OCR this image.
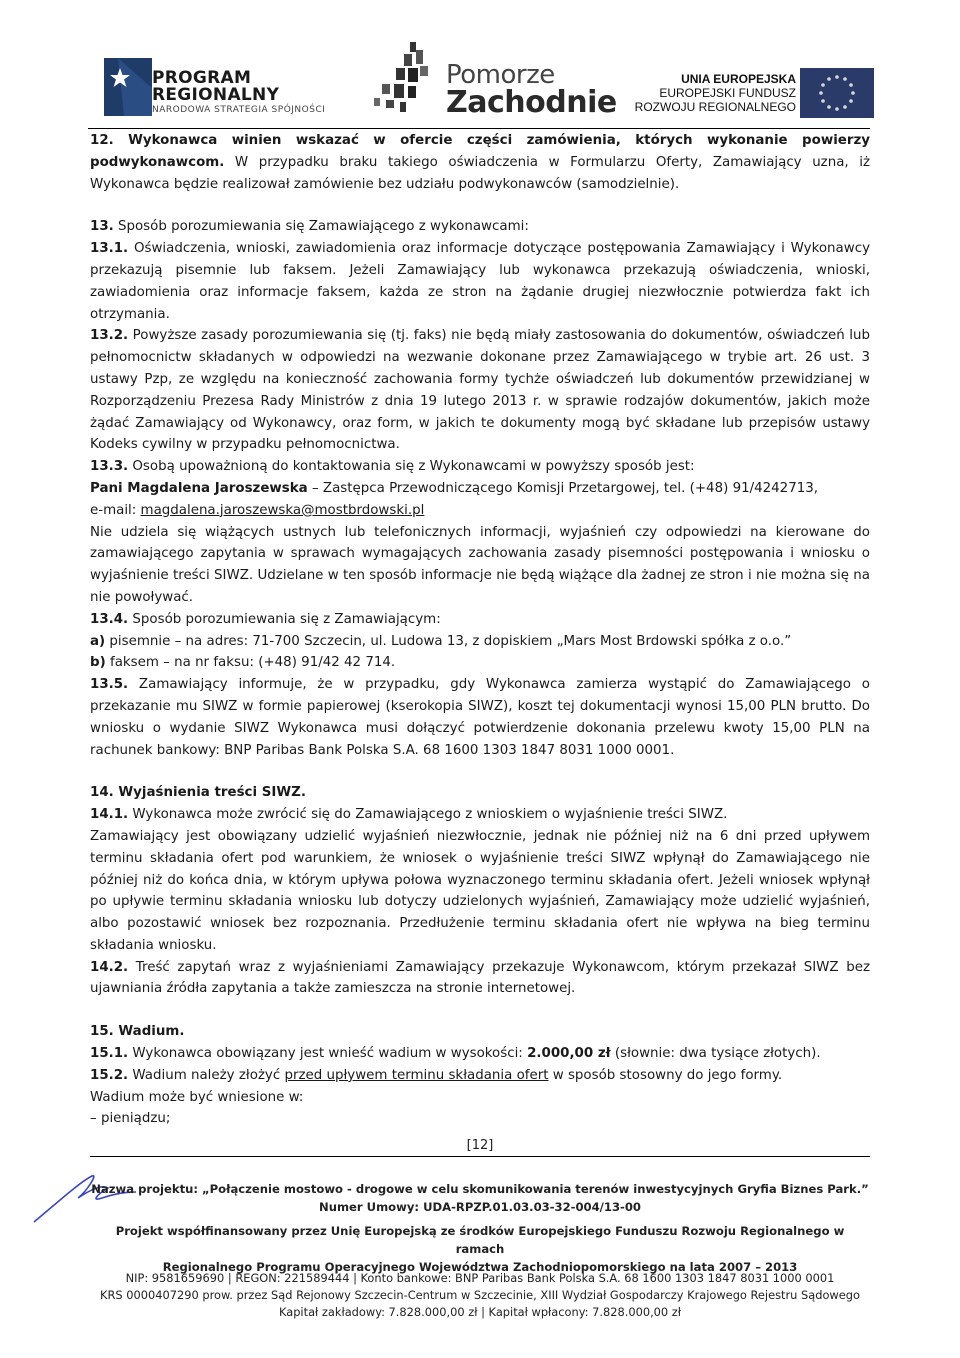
PROGRAM
REGIONALNY
NARODOWA STRATEGIA SPÓJNOŚCI
Pomorze
Zachodnie
UNIA EUROPEJSKA
EUROPEJSKI FUNDUSZ
ROZWOJU REGIONALNEGO

12. Wykonawca winien wskazać w ofercie części zamówienia, których wykonanie powierzy podwykonawcom. W przypadku braku takiego oświadczenia w Formularzu Oferty, Zamawiający uzna, iż Wykonawca będzie realizował zamówienie bez udziału podwykonawców (samodzielnie).

13. Sposób porozumiewania się Zamawiającego z wykonawcami:

13.1. Oświadczenia, wnioski, zawiadomienia oraz informacje dotyczące postępowania Zamawiający i Wykonawcy przekazują pisemnie lub faksem. Jeżeli Zamawiający lub wykonawca przekazują oświadczenia, wnioski, zawiadomienia oraz informacje faksem, każda ze stron na żądanie drugiej niezwłocznie potwierdza fakt ich otrzymania.

13.2. Powyższe zasady porozumiewania się (tj. faks) nie będą miały zastosowania do dokumentów, oświadczeń lub pełnomocnictw składanych w odpowiedzi na wezwanie dokonane przez Zamawiającego w trybie art. 26 ust. 3 ustawy Pzp, ze względu na konieczność zachowania formy tychże oświadczeń lub dokumentów przewidzianej w Rozporządzeniu Prezesa Rady Ministrów z dnia 19 lutego 2013 r. w sprawie rodzajów dokumentów, jakich może żądać Zamawiający od Wykonawcy, oraz form, w jakich te dokumenty mogą być składane lub przepisów ustawy Kodeks cywilny w przypadku pełnomocnictwa.

13.3. Osobą upoważnioną do kontaktowania się z Wykonawcami w powyższy sposób jest:

Pani Magdalena Jaroszewska – Zastępca Przewodniczącego Komisji Przetargowej, tel. (+48) 91/4242713,

e-mail: magdalena.jaroszewska@mostbrdowski.pl

Nie udziela się wiążących ustnych lub telefonicznych informacji, wyjaśnień czy odpowiedzi na kierowane do zamawiającego zapytania w sprawach wymagających zachowania zasady pisemności postępowania i wniosku o wyjaśnienie treści SIWZ. Udzielane w ten sposób informacje nie będą wiążące dla żadnej ze stron i nie można się na nie powoływać.

13.4. Sposób porozumiewania się z Zamawiającym:

a) pisemnie – na adres: 71-700 Szczecin, ul. Ludowa 13, z dopiskiem „Mars Most Brdowski spółka z o.o.”

b) faksem – na nr faksu: (+48) 91/42 42 714.

13.5. Zamawiający informuje, że w przypadku, gdy Wykonawca zamierza wystąpić do Zamawiającego o przekazanie mu SIWZ w formie papierowej (kserokopia SIWZ), koszt tej dokumentacji wynosi 15,00 PLN brutto. Do wniosku o wydanie SIWZ Wykonawca musi dołączyć potwierdzenie dokonania przelewu kwoty 15,00 PLN na rachunek bankowy: BNP Paribas Bank Polska S.A. 68 1600 1303 1847 8031 1000 0001.

14. Wyjaśnienia treści SIWZ.

14.1. Wykonawca może zwrócić się do Zamawiającego z wnioskiem o wyjaśnienie treści SIWZ.

Zamawiający jest obowiązany udzielić wyjaśnień niezwłocznie, jednak nie później niż na 6 dni przed upływem terminu składania ofert pod warunkiem, że wniosek o wyjaśnienie treści SIWZ wpłynął do Zamawiającego nie później niż do końca dnia, w którym upływa połowa wyznaczonego terminu składania ofert. Jeżeli wniosek wpłynął po upływie terminu składania wniosku lub dotyczy udzielonych wyjaśnień, Zamawiający może udzielić wyjaśnień, albo pozostawić wniosek bez rozpoznania. Przedłużenie terminu składania ofert nie wpływa na bieg terminu składania wniosku.

14.2. Treść zapytań wraz z wyjaśnieniami Zamawiający przekazuje Wykonawcom, którym przekazał SIWZ bez ujawniania źródła zapytania a także zamieszcza na stronie internetowej.

15. Wadium.

15.1. Wykonawca obowiązany jest wnieść wadium w wysokości: 2.000,00 zł (słownie: dwa tysiące złotych).

15.2. Wadium należy złożyć przed upływem terminu składania ofert w sposób stosowny do jego formy.

Wadium może być wniesione w:

– pieniądzu;

[12]
Nazwa projektu: „Połączenie mostowo - drogowe w celu skomunikowania terenów inwestycyjnych Gryfia Biznes Park.”
Numer Umowy: UDA-RPZP.01.03.03-32-004/13-00
Projekt współfinansowany przez Unię Europejską ze środków Europejskiego Funduszu Rozwoju Regionalnego w ramach
Regionalnego Programu Operacyjnego Województwa Zachodniopomorskiego na lata 2007 – 2013
NIP: 9581659690 | REGON: 221589444 | Konto bankowe: BNP Paribas Bank Polska S.A. 68 1600 1303 1847 8031 1000 0001
KRS 0000407290 prow. przez Sąd Rejonowy Szczecin-Centrum w Szczecinie, XIII Wydział Gospodarczy Krajowego Rejestru Sądowego
Kapitał zakładowy: 7.828.000,00 zł | Kapitał wpłacony: 7.828.000,00 zł
